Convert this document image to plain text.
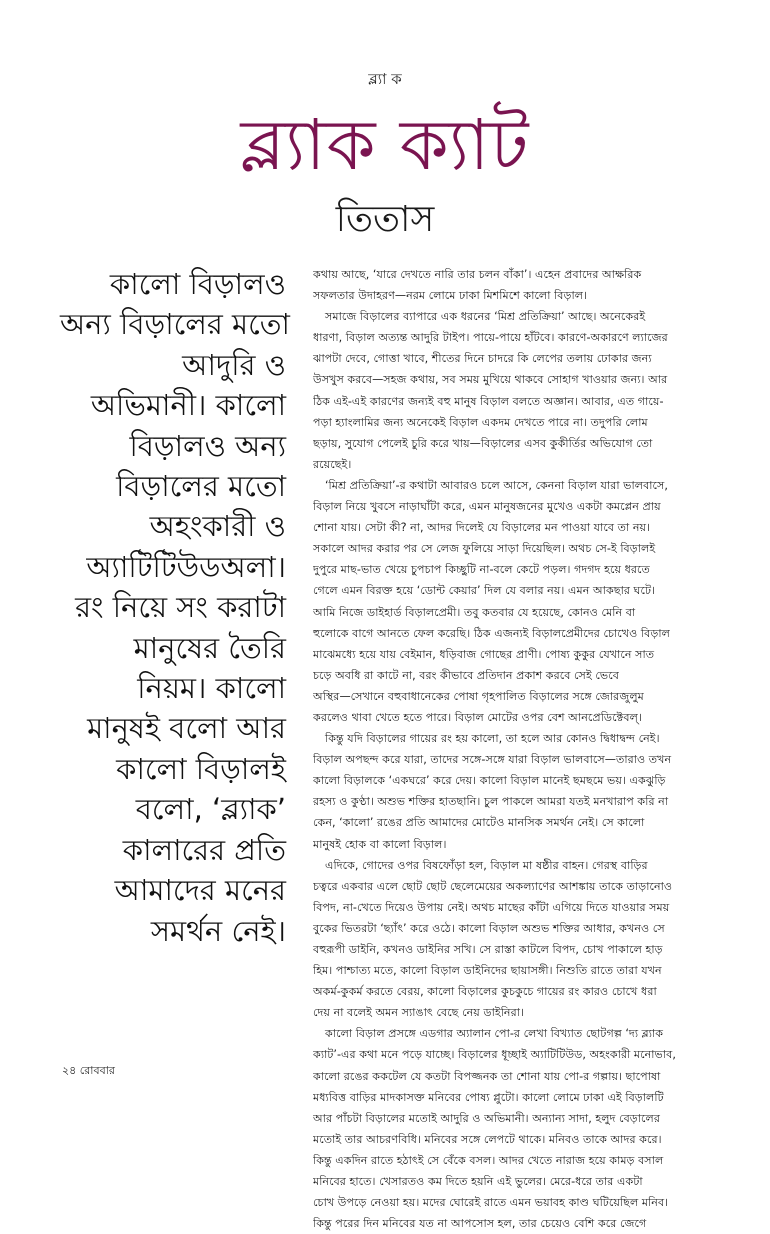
ব্ল্যা ক
ব্ল্যাক ক্যাট
তিতাস
কালো বিড়ালও
অন্য বিড়ালের মতো
আদুরি ও
অভিমানী। কালো
বিড়ালও অন্য
বিড়ালের মতো
অহংকারী ও
অ্যাটিটিউডঅলা।
রং নিয়ে সং করাটা
মানুষের তৈরি
নিয়ম। কালো
মানুষই বলো আর
কালো বিড়ালই
বলো, ‘ব্ল্যাক’
কালারের প্রতি
আমাদের মনের
সমর্থন নেই।
কথায় আছে, ‘যারে দেখতে নারি তার চলন বাঁকা’। এহেন প্রবাদের আক্ষরিক
সফলতার উদাহরণ—নরম লোমে ঢাকা মিশমিশে কালো বিড়াল।
সমাজে বিড়ালের ব্যাপারে এক ধরনের ‘মিশ্র প্রতিক্রিয়া’ আছে। অনেকেরই
ধারণা, বিড়াল অত্যন্ত আদুরি টাইপ। পায়ে-পায়ে হাঁটবে। কারণে-অকারণে ল্যাজের
ঝাপটা দেবে, গোত্তা খাবে, শীতের দিনে চাদরে কি লেপের তলায় ঢোকার জন্য
উসখুস করবে—সহজ কথায়, সব সময় মুখিয়ে থাকবে সোহাগ খাওয়ার জন্য। আর
ঠিক এই-এই কারণের জন্যই বহু মানুষ বিড়াল বলতে অজ্ঞান। আবার, এত গায়ে-
পড়া হ্যাংলামির জন্য অনেকেই বিড়াল একদম দেখতে পারে না। তদুপরি লোম
ছড়ায়, সুযোগ পেলেই চুরি করে খায়—বিড়ালের এসব কুকীর্তির অভিযোগ তো
রয়েছেই।
‘মিশ্র প্রতিক্রিয়া’-র কথাটা আবারও চলে আসে, কেননা বিড়াল যারা ভালবাসে,
বিড়াল নিয়ে খুবসে নাড়াঘাঁটা করে, এমন মানুষজনের মুখেও একটা কমপ্লেন প্রায়
শোনা যায়। সেটা কী? না, আদর দিলেই যে বিড়ালের মন পাওয়া যাবে তা নয়।
সকালে আদর করার পর সে লেজ ফুলিয়ে সাড়া দিয়েছিল। অথচ সে-ই বিড়ালই
দুপুরে মাছ-ভাত খেয়ে চুপচাপ কিচ্ছুটি না-বলে কেটে পড়ল। গদগদ হয়ে ধরতে
গেলে এমন বিরক্ত হয়ে ‘ডোন্ট কেয়ার’ দিল যে বলার নয়। এমন আকছার ঘটে।
আমি নিজে ডাইহার্ড বিড়ালপ্রেমী। তবু কতবার যে হয়েছে, কোনও মেনি বা
হুলোকে বাগে আনতে ফেল করেছি। ঠিক এজন্যই বিড়ালপ্রেমীদের চোখেও বিড়াল
মাঝেমধ্যে হয়ে যায় বেইমান, ধড়িবাজ গোছের প্রাণী। পোষ্য কুকুর যেখানে সাত
চড়ে অবধি রা কাটে না, বরং কীভাবে প্রতিদান প্রকাশ করবে সেই ভেবে
অস্থির—সেখানে বহুবাধানেকের পোষা গৃহপালিত বিড়ালের সঙ্গে জোরজুলুম
করলেও থাবা খেতে হতে পারে। বিড়াল মোটের ওপর বেশ আনপ্রেডিক্টেবল্।
কিন্তু যদি বিড়ালের গায়ের রং হয় কালো, তা হলে আর কোনও দ্বিধাদ্বন্দ নেই।
বিড়াল অপছন্দ করে যারা, তাদের সঙ্গে-সঙ্গে যারা বিড়াল ভালবাসে—তারাও তখন
কালো বিড়ালকে ‘একঘরে’ করে দেয়। কালো বিড়াল মানেই ছমছমে ভয়। একঝুড়ি
রহস্য ও কুণ্ঠা। অশুভ শক্তির হাতছানি। চুল পাকলে আমরা যতই মনখারাপ করি না
কেন, ‘কালো’ রঙের প্রতি আমাদের মোটেও মানসিক সমর্থন নেই। সে কালো
মানুষই হোক বা কালো বিড়াল।
এদিকে, গোদের ওপর বিষফোঁড়া হল, বিড়াল মা ষষ্ঠীর বাহন। গেরস্থ বাড়ির
চত্বরে একবার এলে ছোট ছোট ছেলেমেয়ের অকল্যাণের আশঙ্কায় তাকে তাড়ানোও
বিপদ, না-খেতে দিয়েও উপায় নেই। অথচ মাছের কাঁটা এগিয়ে দিতে যাওয়ার সময়
বুকের ভিতরটা ‘ছ্যাঁৎ’ করে ওঠে। কালো বিড়াল অশুভ শক্তির আধার, কখনও সে
বহুরূপী ডাইনি, কখনও ডাইনির সখি। সে রাস্তা কাটলে বিপদ, চোখ পাকালে হাড়
হিম। পাশ্চাত্য মতে, কালো বিড়াল ডাইনিদের ছায়াসঙ্গী। নিশুতি রাতে তারা যখন
অকর্ম-কুকর্ম করতে বেরয়, কালো বিড়ালের কুচকুচে গায়ের রং কারও চোখে ধরা
দেয় না বলেই অমন স্যাঙাৎ বেছে নেয় ডাইনিরা।
কালো বিড়াল প্রসঙ্গে এডগার অ্যালান পো-র লেখা বিখ্যাত ছোটগল্প ‘দ্য ব্ল্যাক
ক্যাট’-এর কথা মনে পড়ে যাচ্ছে। বিড়ালের ধূচ্ছাই অ্যাটিটিউড, অহংকারী মনোভাব,
কালো রঙের ককটেল যে কতটা বিপজ্জনক তা শোনা যায় পো-র গল্পায়। ছাপোষা
মধ্যবিত্ত বাড়ির মাদকাসক্ত মনিবের পোষ্য প্লুটো। কালো লোমে ঢাকা এই বিড়ালটি
আর পাঁচটা বিড়ালের মতোই আদুরি ও অভিমানী। অন্যান্য সাদা, হলুদ বেড়ালের
মতোই তার আচরণবিধি। মনিবের সঙ্গে লেপটে থাকে। মনিবও তাকে আদর করে।
কিন্তু একদিন রাতে হঠাৎই সে বেঁকে বসল। আদর খেতে নারাজ হয়ে কামড় বসাল
মনিবের হাতে। খেসারতও কম দিতে হয়নি এই ভুলের। মেরে-ধরে তার একটা
চোখ উপড়ে নেওয়া হয়। মদের ঘোরেই রাতে এমন ভয়াবহ কাণ্ড ঘটিয়েছিল মনিব।
কিন্তু পরের দিন মনিবের যত না আপসোস হল, তার চেয়েও বেশি করে জেগে
২৪ রোববার
